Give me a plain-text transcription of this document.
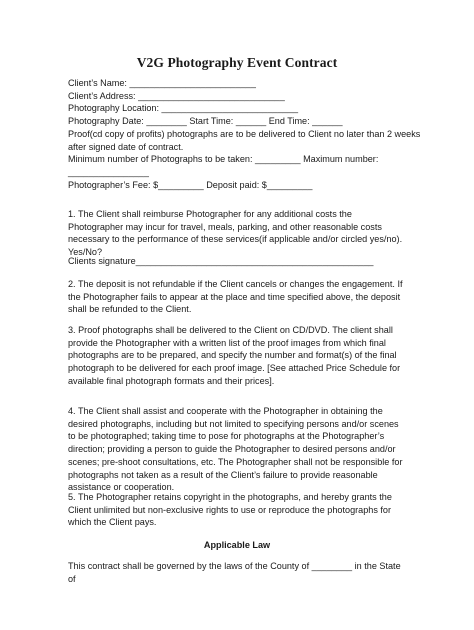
V2G Photography Event Contract

Client’s Name: _________________________

Client’s Address: _____________________________

Photography Location: ___________________________

Photography Date: ________ Start Time: ______ End Time: ______

Proof(cd copy of profits) photographs are to be delivered to Client no later than 2 weeks

after signed date of contract.

Minimum number of Photographs to be taken: _________ Maximum number:

________________

Photographer’s Fee: $_________ Deposit paid: $_________

1. The Client shall reimburse Photographer for any additional costs the Photographer may incur for travel, meals, parking, and other reasonable costs necessary to the performance of these services(if applicable and/or circled yes/no). Yes/No?

Clients signature_______________________________________________

2. The deposit is not refundable if the Client cancels or changes the engagement. If the Photographer fails to appear at the place and time specified above, the deposit shall be refunded to the Client.

3. Proof photographs shall be delivered to the Client on CD/DVD. The client shall provide the Photographer with a written list of the proof images from which final photographs are to be prepared, and specify the number and format(s) of the final photograph to be delivered for each proof image. [See attached Price Schedule for available final photograph formats and their prices].

4. The Client shall assist and cooperate with the Photographer in obtaining the desired photographs, including but not limited to specifying persons and/or scenes to be photographed; taking time to pose for photographs at the Photographer’s direction; providing a person to guide the Photographer to desired persons and/or scenes; pre-shoot consultations, etc. The Photographer shall not be responsible for photographs not taken as a result of the Client’s failure to provide reasonable assistance or cooperation.

5. The Photographer retains copyright in the photographs, and hereby grants the Client unlimited but non-exclusive rights to use or reproduce the photographs for which the Client pays.

Applicable Law

This contract shall be governed by the laws of the County of ________ in the State of
